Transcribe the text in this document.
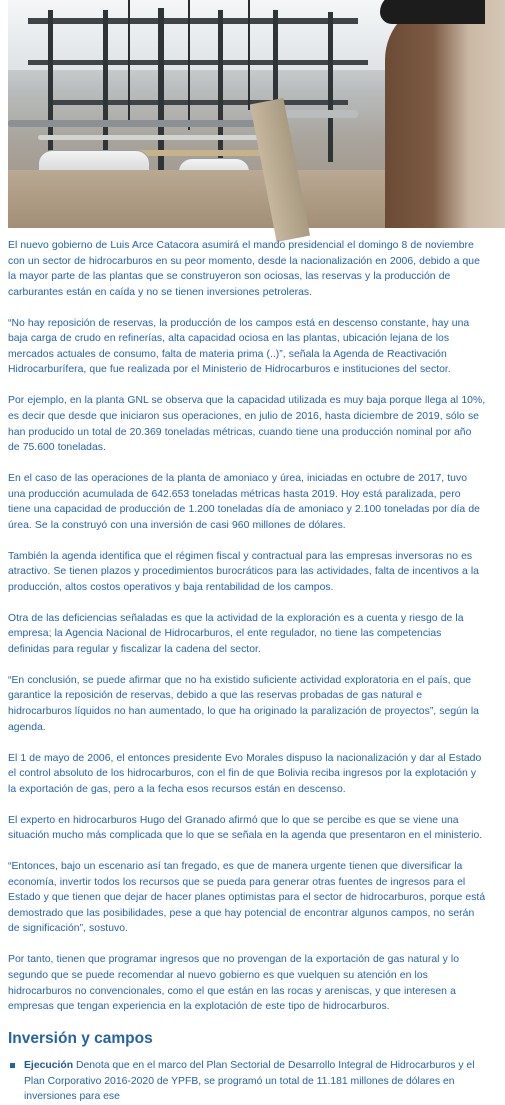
El nuevo gobierno de Luis Arce Catacora asumirá el mando presidencial el domingo 8 de noviembre con un sector de hidrocarburos en su peor momento, desde la nacionalización en 2006, debido a que la mayor parte de las plantas que se construyeron son ociosas, las reservas y la producción de carburantes están en caída y no se tienen inversiones petroleras.

“No hay reposición de reservas, la producción de los campos está en descenso constante, hay una baja carga de crudo en refinerías, alta capacidad ociosa en las plantas, ubicación lejana de los mercados actuales de consumo, falta de materia prima (..)”, señala la Agenda de Reactivación Hidrocarburífera, que fue realizada por el Ministerio de Hidrocarburos e instituciones del sector.

Por ejemplo, en la planta GNL se observa que la capacidad utilizada es muy baja porque llega al 10%, es decir que desde que iniciaron sus operaciones, en julio de 2016, hasta diciembre de 2019, sólo se han producido un total de 20.369 toneladas métricas, cuando tiene una producción nominal por año de 75.600 toneladas.

En el caso de las operaciones de la planta de amoniaco y úrea, iniciadas en octubre de 2017, tuvo una producción acumulada de 642.653 toneladas métricas hasta 2019. Hoy está paralizada, pero tiene una capacidad de producción de 1.200 toneladas día de amoniaco y 2.100 toneladas por día de úrea. Se la construyó con una inversión de casi 960 millones de dólares.

También la agenda identifica que el régimen fiscal y contractual para las empresas inversoras no es atractivo. Se tienen plazos y procedimientos burocráticos para las actividades, falta de incentivos a la producción, altos costos operativos y baja rentabilidad de los campos.

Otra de las deficiencias señaladas es que la actividad de la exploración es a cuenta y riesgo de la empresa; la Agencia Nacional de Hidrocarburos, el ente regulador, no tiene las competencias definidas para regular y fiscalizar la cadena del sector.

“En conclusión, se puede afirmar que no ha existido suficiente actividad exploratoria en el país, que garantice la reposición de reservas, debido a que las reservas probadas de gas natural e hidrocarburos líquidos no han aumentado, lo que ha originado la paralización de proyectos”, según la agenda.

El 1 de mayo de 2006, el entonces presidente Evo Morales dispuso la nacionalización y dar al Estado el control absoluto de los hidrocarburos, con el fin de que Bolivia reciba ingresos por la explotación y la exportación de gas, pero a la fecha esos recursos están en descenso.

El experto en hidrocarburos Hugo del Granado afirmó que lo que se percibe es que se viene una situación mucho más complicada que lo que se señala en la agenda que presentaron en el ministerio.

“Entonces, bajo un escenario así tan fregado, es que de manera urgente tienen que diversificar la economía, invertir todos los recursos que se pueda para generar otras fuentes de ingresos para el Estado y que tienen que dejar de hacer planes optimistas para el sector de hidrocarburos, porque está demostrado que las posibilidades, pese a que hay potencial de encontrar algunos campos, no serán de significación”, sostuvo.

Por tanto, tienen que programar ingresos que no provengan de la exportación de gas natural y lo segundo que se puede recomendar al nuevo gobierno es que vuelquen su atención en los hidrocarburos no convencionales, como el que están en las rocas y areniscas, y que interesen a empresas que tengan experiencia en la explotación de este tipo de hidrocarburos.

Inversión y campos
Ejecución Denota que en el marco del Plan Sectorial de Desarrollo Integral de Hidrocarburos y el Plan Corporativo 2016-2020 de YPFB, se programó un total de 11.181 millones de dólares en inversiones para ese
